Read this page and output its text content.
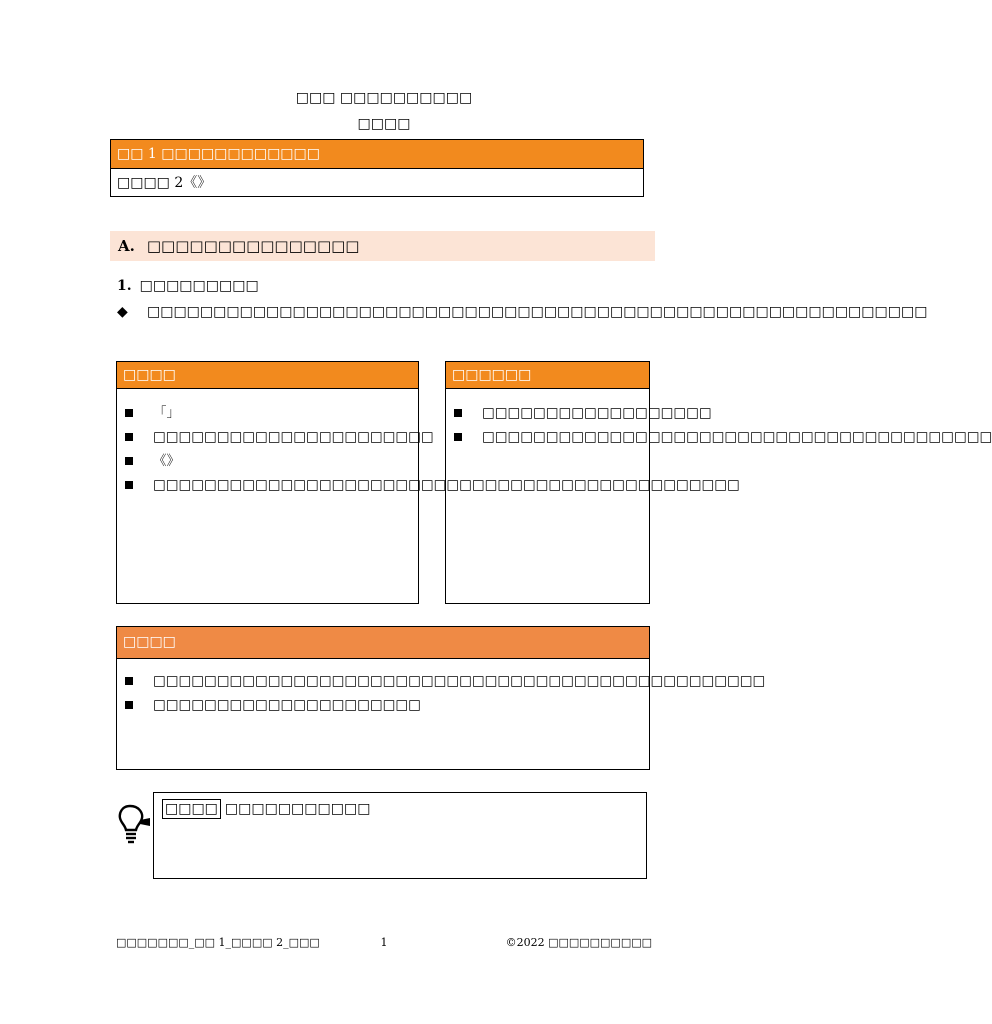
□□□ □□□□□□□□□□
□□□□
□□ 1 □□□□□□□□□□□□
□□□□ 2《》
A. □□□□□□□□□□□□□□□
1. □□□□□□□□□
◆ □□□□□□□□□□□□□□□□□□□□□□□□□□□□□□□□□□□□□□□□□□□□□□□□□□□□□□□□□□□
□□□□
「」
□□□□□□□□□□□□□□□□□□□□□□
《》
□□□□□□□□□□□□□□□□□□□□□□□□□□□□□□□□□□□□□□□□□□□□□□
□□□□□□
□□□□□□□□□□□□□□□□□□
□□□□□□□□□□□□□□□□□□□□□□□□□□□□□□□□□□□□□□□□
□□□□
□□□□□□□□□□□□□□□□□□□□□□□□□□□□□□□□□□□□□□□□□□□□□□□□
□□□□□□□□□□□□□□□□□□□□□
□□□□ □□□□□□□□□□□
□□□□□□□_□□ 1_□□□□ 2_□□□	1	©2022 □□□□□□□□□□
